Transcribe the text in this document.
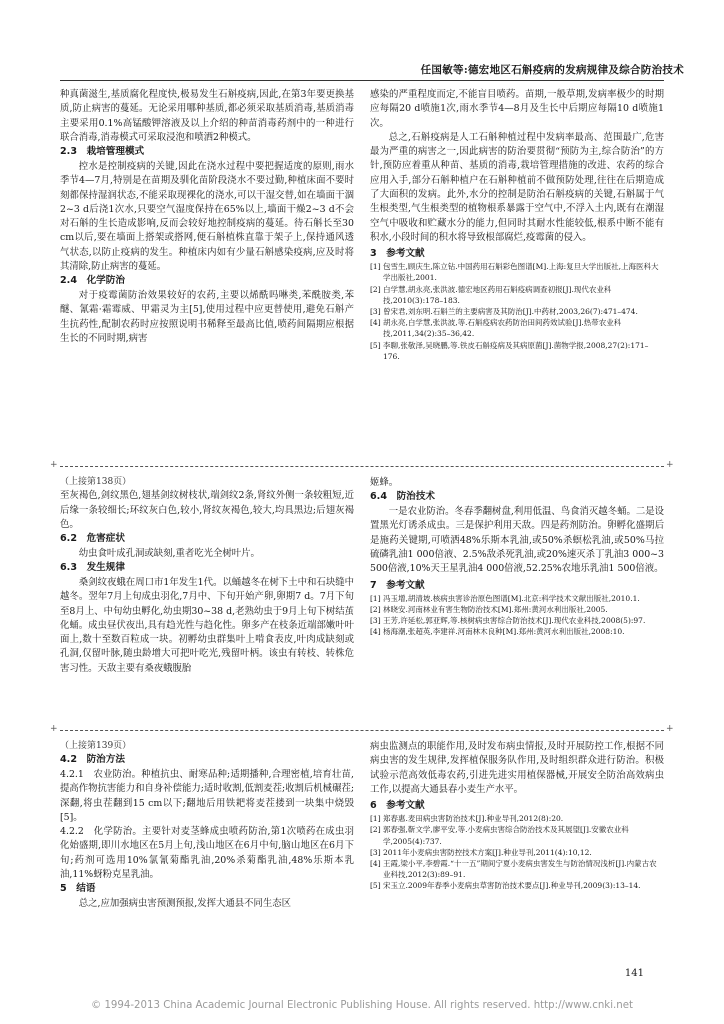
任国敏等:德宏地区石斛疫病的发病规律及综合防治技术

种真菌滋生,基质腐化程度快,极易发生石斛疫病,因此,在第3年要更换基质,防止病害的蔓延。无论采用哪种基质,都必须采取基质消毒,基质消毒主要采用0.1%高锰酸钾溶液及以上介绍的种苗消毒药剂中的一种进行联合消毒,消毒模式可采取浸泡和喷洒2种模式。

2.3　栽培管理模式

控水是控制疫病的关键,因此在浇水过程中要把握适度的原则,雨水季节4—7月,特别是在苗期及驯化苗阶段浇水不要过勤,种植床面不要时刻都保持湿润状态,不能采取现裸化的浇水,可以干湿交替,如在墙面干涸2~3 d后浇1次水,只要空气湿度保持在65%以上,墙面干燥2~3 d不会对石斛的生长造成影响,反而会较好地控制疫病的蔓延。待石斛长至30 cm以后,要在墙面上搭架或搭网,便石斛植株直靠于架子上,保持通风透气状态,以防止疫病的发生。种植床内如有少量石斛感染疫病,应及时将其清除,防止病害的蔓延。

2.4　化学防治

对于疫霉菌防治效果较好的农药,主要以烯酰吗啉类,苯酰胺类,苯醚、氰霜·霜霉威、甲霜灵为主[5],使用过程中应更替使用,避免石斛产生抗药性,配制农药时应按照说明书稀释至最高比值,喷药间隔期应根据生长的不同时期,病害

感染的严重程度而定,不能盲目喷药。苗期,一般草期,发病率极少的时期应每隔20 d喷施1次,雨水季节4—8月及生长中后期应每隔10 d喷施1次。

总之,石斛疫病是人工石斛种植过程中发病率最高、范围最广,危害最为严重的病害之一,因此病害的防治要贯彻“预防为主,综合防治”的方针,预防应着重从种苗、基质的消毒,栽培管理措施的改进、农药的综合应用入手,部分石斛种植户在石斛种植前不做预防处理,往往在后期造成了大面积的发病。此外,水分的控制是防治石斛疫病的关键,石斛属于气生根类型,气生根类型的植物根系暴露于空气中,不浮入土内,既有在潮湿空气中吸收和贮藏水分的能力,但同时其耐水性能较低,根系中断不能有积水,小段时间的积水将导致根部腐烂,疫霉菌的侵入。

3　参考文献
[1] 包雪生,顾庆生,陈立钻.中国药用石斛彩色图谱[M].上海:复旦大学出版社,上海医科大学出版社,2001.
[2] 白学慧,胡永亮,张洪波.德宏地区药用石斛疫病调查初报[J].现代农业科技,2010(3):178–183.
[3] 曾宋君,刘东明.石斛兰的主要病害及其防治[J].中药材,2003,26(7):471–474.
[4] 胡永亮,白学慧,张洪波,等.石斛疫病农药防治田间药效试验[J].热带农业科技,2011,34(2):35–36,42.
[5] 李聊,张敬泽,吴晓鹏,等.铁皮石斛疫病及其病原菌[J].菌物学报,2008,27(2):171–176.
+	+
（上接第138页）

至灰褐色,剑纹黑色,翅基剑纹树枝状,端剑纹2条,肾纹外侧一条较粗短,近后缘一条较细长;环纹灰白色,较小,肾纹灰褐色,较大,均具黑边;后翅灰褐色。

6.2　危害症状

幼虫食叶成孔洞或缺刻,重者吃光全树叶片。

6.3　发生规律

桑剑纹夜蛾在周口市1年发生1代。以蛹越冬在树下土中和石块缝中越冬。翌年7月上旬成虫羽化,7月中、下旬开始产卵,卵期7 d。7月下旬至8月上、中旬幼虫孵化,幼虫期30~38 d,老熟幼虫于9月上旬下树结茧化蛹。成虫昼伏夜出,具有趋光性与趋化性。卵多产在枝条近端部嫩叶叶面上,数十至数百粒成一块。初孵幼虫群集叶上啃食表皮,叶肉成缺刻或孔洞,仅留叶脉,随虫龄增大可把叶吃光,残留叶柄。该虫有转枝、转株危害习性。天敌主要有桑夜蛾腹胎

姬蜂。

6.4　防治技术

一是农业防治。冬春季翻树盘,利用低温、鸟食消灭越冬蛹。二是设置黑光灯诱杀成虫。三是保护利用天敌。四是药剂防治。卵孵化盛期后是施药关键期,可喷洒48%乐斯本乳油,或50%杀螟松乳油,或50%马拉硫磷乳油1 000倍液、2.5%敌杀死乳油,或20%速灭杀丁乳油3 000~3 500倍液,10%天王星乳油4 000倍液,52.25%农地乐乳油1 500倍液。

7　参考文献
[1] 冯玉增,胡清坡.核病虫害诊治原色图谱[M].北京:科学技术文献出版社,2010.1.
[2] 林晓安.河南林业有害生物防治技术[M].郑州:黄河水利出版社,2005.
[3] 王芳,许延松,郭亚辉,等.核树病虫害综合防治技术[J].现代农业科技,2008(5):97.
[4] 杨海潮,张超英,李建祥.河南林木良种[M].郑州:黄河水利出版社,2008:10.
+	+
（上接第139页）
4.2　防治方法

4.2.1　农业防治。种植抗虫、耐寒品种;适期播种,合理密植,培育壮苗,提高作物抗害能力和自身补偿能力;适时收割,低割麦茬;收割后机械碾茬;深翻,将虫茬翻到15 cm以下;翻地后用铁耙将麦茬搂到一块集中烧毁[5]。

4.2.2　化学防治。主要针对麦茎蜂成虫喷药防治,第1次喷药在成虫羽化始盛期,即川水地区在5月上旬,浅山地区在6月中旬,脑山地区在6月下旬;药剂可选用10%氯氰菊酯乳油,20%杀菊酯乳油,48%乐斯本乳油,11%蚜粉克星乳油。

5　结语

总之,应加强病虫害预测预报,发挥大通县不同生态区

病虫监测点的职能作用,及时发布病虫情报,及时开展防控工作,根据不同病虫害的发生规律,发挥植保服务队作用,及时组织群众进行防治。积极试验示范高效低毒农药,引进先进实用植保器械,开展安全防治高效病虫工作,以提高大通县春小麦生产水平。

6　参考文献
[1] 郑春惠.麦田病虫害防治技术[J].种业导刊,2012(8):20.
[2] 郭春强,靳文学,廖平安,等.小麦病虫害综合防治技术及其展望[J].安徽农业科学,2005(4):737.
[3] 2011年小麦病虫害防控技术方案[J].种业导刊,2011(4):10,12.
[4] 王霞,梁小平,李碧霞.“十一五”期间宁夏小麦病虫害发生与防治情况浅析[J].内蒙古农业科技,2012(3):89–91.
[5] 宋玉立.2009年春季小麦病虫草害防治技术要点[J].种业导刊,2009(3):13–14.
141
© 1994-2013 China Academic Journal Electronic Publishing House. All rights reserved. http://www.cnki.net
